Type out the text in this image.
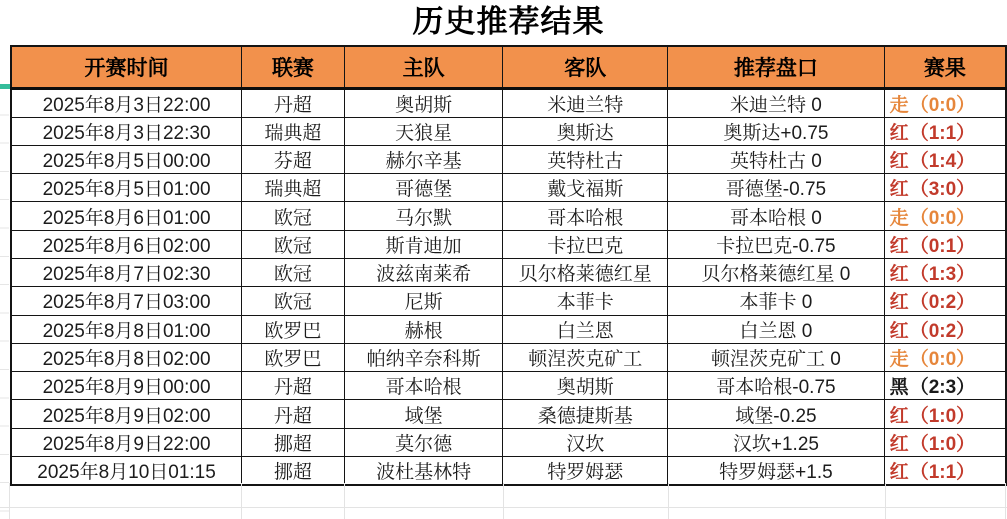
历史推荐结果
开赛时间	联赛	主队	客队	推荐盘口	赛果
2025年8月3日22:00	丹超	奥胡斯	米迪兰特	米迪兰特 0	走（0:0）
2025年8月3日22:30	瑞典超	天狼星	奥斯达	奥斯达+0.75	红（1:1）
2025年8月5日00:00	芬超	赫尔辛基	英特杜古	英特杜古 0	红（1:4）
2025年8月5日01:00	瑞典超	哥德堡	戴戈福斯	哥德堡-0.75	红（3:0）
2025年8月6日01:00	欧冠	马尔默	哥本哈根	哥本哈根 0	走（0:0）
2025年8月6日02:00	欧冠	斯肯迪加	卡拉巴克	卡拉巴克-0.75	红（0:1）
2025年8月7日02:30	欧冠	波兹南莱希	贝尔格莱德红星	贝尔格莱德红星 0	红（1:3）
2025年8月7日03:00	欧冠	尼斯	本菲卡	本菲卡 0	红（0:2）
2025年8月8日01:00	欧罗巴	赫根	白兰恩	白兰恩 0	红（0:2）
2025年8月8日02:00	欧罗巴	帕纳辛奈科斯	顿涅茨克矿工	顿涅茨克矿工 0	走（0:0）
2025年8月9日00:00	丹超	哥本哈根	奥胡斯	哥本哈根-0.75	黑（2:3）
2025年8月9日02:00	丹超	域堡	桑德捷斯基	域堡-0.25	红（1:0）
2025年8月9日22:00	挪超	莫尔德	汉坎	汉坎+1.25	红（1:0）
2025年8月10日01:15	挪超	波杜基林特	特罗姆瑟	特罗姆瑟+1.5	红（1:1）
